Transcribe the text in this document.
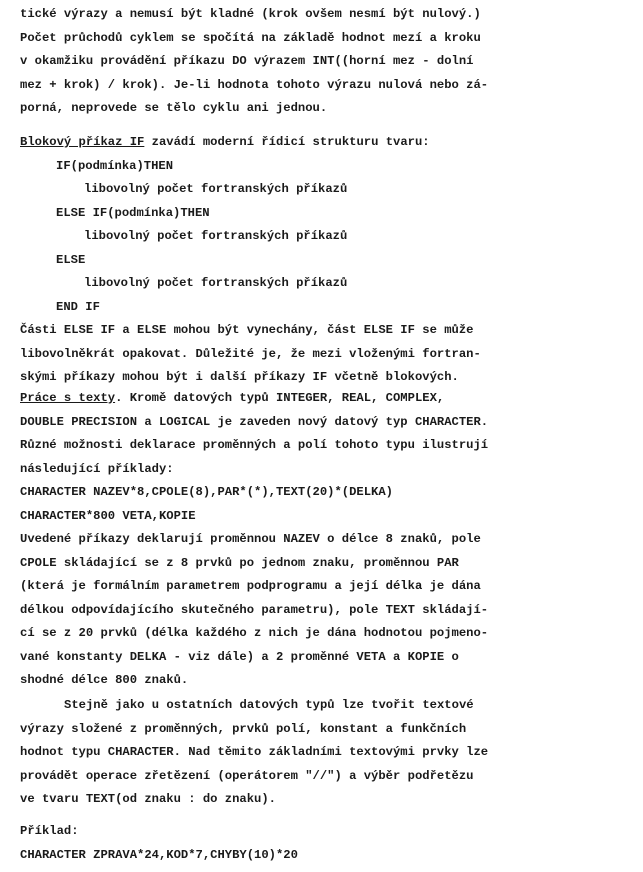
tické výrazy a nemusí být kladné (krok ovšem nesmí být nulový.)
Počet průchodů cyklem se spočítá na základě hodnot mezí a kroku
v okamžiku provádění příkazu DO výrazem INT((horní mez - dolní
mez + krok) / krok). Je-li hodnota tohoto výrazu nulová nebo zá-
porná, neprovede se tělo cyklu ani jednou.
Blokový příkaz IF zavádí moderní řídicí strukturu tvaru:
IF(podmínka)THEN
libovolný počet fortranských příkazů
ELSE IF(podmínka)THEN
libovolný počet fortranských příkazů
ELSE
libovolný počet fortranských příkazů
END IF
Části ELSE IF a ELSE mohou být vynechány, část ELSE IF se může
libovolněkrát opakovat. Důležité je, že mezi vloženými fortran-
skými příkazy mohou být i další příkazy IF včetně blokových.
Práce s texty. Kromě datových typů INTEGER, REAL, COMPLEX,
DOUBLE PRECISION a LOGICAL je zaveden nový datový typ CHARACTER.
Různé možnosti deklarace proměnných a polí tohoto typu ilustrují
následující příklady:
CHARACTER NAZEV*8,CPOLE(8),PAR*(*),TEXT(20)*(DELKA)
CHARACTER*800 VETA,KOPIE
Uvedené příkazy deklarují proměnnou NAZEV o délce 8 znaků, pole
CPOLE skládající se z 8 prvků po jednom znaku, proměnnou PAR
(která je formálním parametrem podprogramu a její délka je dána
délkou odpovídajícího skutečného parametru), pole TEXT skládají-
cí se z 20 prvků (délka každého z nich je dána hodnotou pojmeno-
vané konstanty DELKA - viz dále) a 2 proměnné VETA a KOPIE o
shodné délce 800 znaků.
Stejně jako u ostatních datových typů lze tvořit textové
výrazy složené z proměnných, prvků polí, konstant a funkčních
hodnot typu CHARACTER. Nad těmito základními textovými prvky lze
provádět operace zřetězení (operátorem "//") a výběr podřetězu
ve tvaru TEXT(od znaku : do znaku).
Příklad:
CHARACTER ZPRAVA*24,KOD*7,CHYBY(10)*20
